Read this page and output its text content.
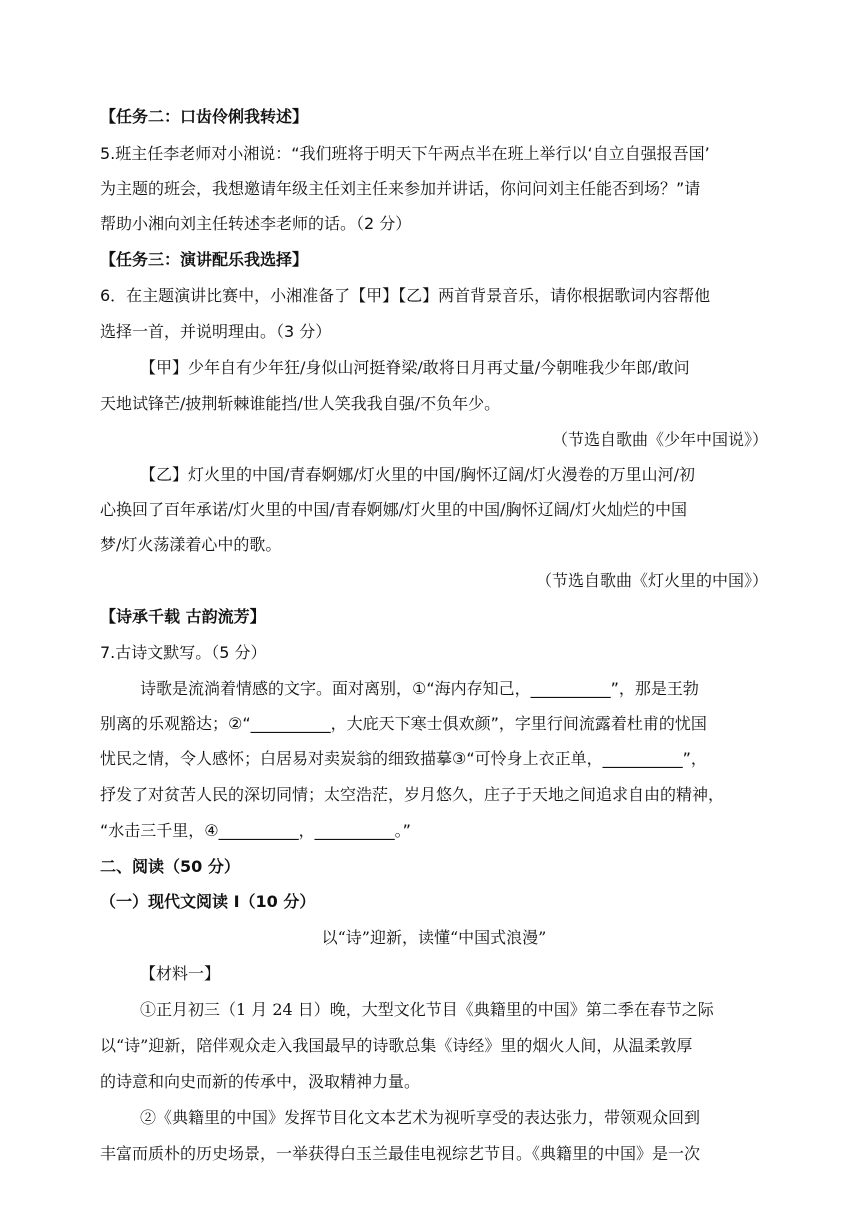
【任务二：口齿伶俐我转述】
5.班主任李老师对小湘说：“我们班将于明天下午两点半在班上举行以‘自立自强报吾国’
为主题的班会，我想邀请年级主任刘主任来参加并讲话，你问问刘主任能否到场？”请
帮助小湘向刘主任转述李老师的话。（2 分）
【任务三：演讲配乐我选择】
6．在主题演讲比赛中，小湘准备了【甲】【乙】两首背景音乐，请你根据歌词内容帮他
选择一首，并说明理由。（3 分）
【甲】少年自有少年狂/身似山河挺脊梁/敢将日月再丈量/今朝唯我少年郎/敢问
天地试锋芒/披荆斩棘谁能挡/世人笑我我自强/不负年少。
（节选自歌曲《少年中国说》）
【乙】灯火里的中国/青春婀娜/灯火里的中国/胸怀辽阔/灯火漫卷的万里山河/初
心换回了百年承诺/灯火里的中国/青春婀娜/灯火里的中国/胸怀辽阔/灯火灿烂的中国
梦/灯火荡漾着心中的歌。
（节选自歌曲《灯火里的中国》）
【诗承千载 古韵流芳】
7.古诗文默写。（5 分）
诗歌是流淌着情感的文字。面对离别，①“海内存知己，__________”，那是王勃
别离的乐观豁达；②“__________，大庇天下寒士俱欢颜”，字里行间流露着杜甫的忧国
忧民之情，令人感怀；白居易对卖炭翁的细致描摹③“可怜身上衣正单，__________”，
抒发了对贫苦人民的深切同情；太空浩茫，岁月悠久，庄子于天地之间追求自由的精神，
“水击三千里，④__________，__________。”
二、阅读（50 分）
（一）现代文阅读 I（10 分）
以“诗”迎新，读懂“中国式浪漫”
【材料一】
①正月初三（1 月 24 日）晚，大型文化节目《典籍里的中国》第二季在春节之际
以“诗”迎新，陪伴观众走入我国最早的诗歌总集《诗经》里的烟火人间，从温柔敦厚
的诗意和向史而新的传承中，汲取精神力量。
②《典籍里的中国》发挥节目化文本艺术为视听享受的表达张力，带领观众回到
丰富而质朴的历史场景，一举获得白玉兰最佳电视综艺节目。《典籍里的中国》是一次
